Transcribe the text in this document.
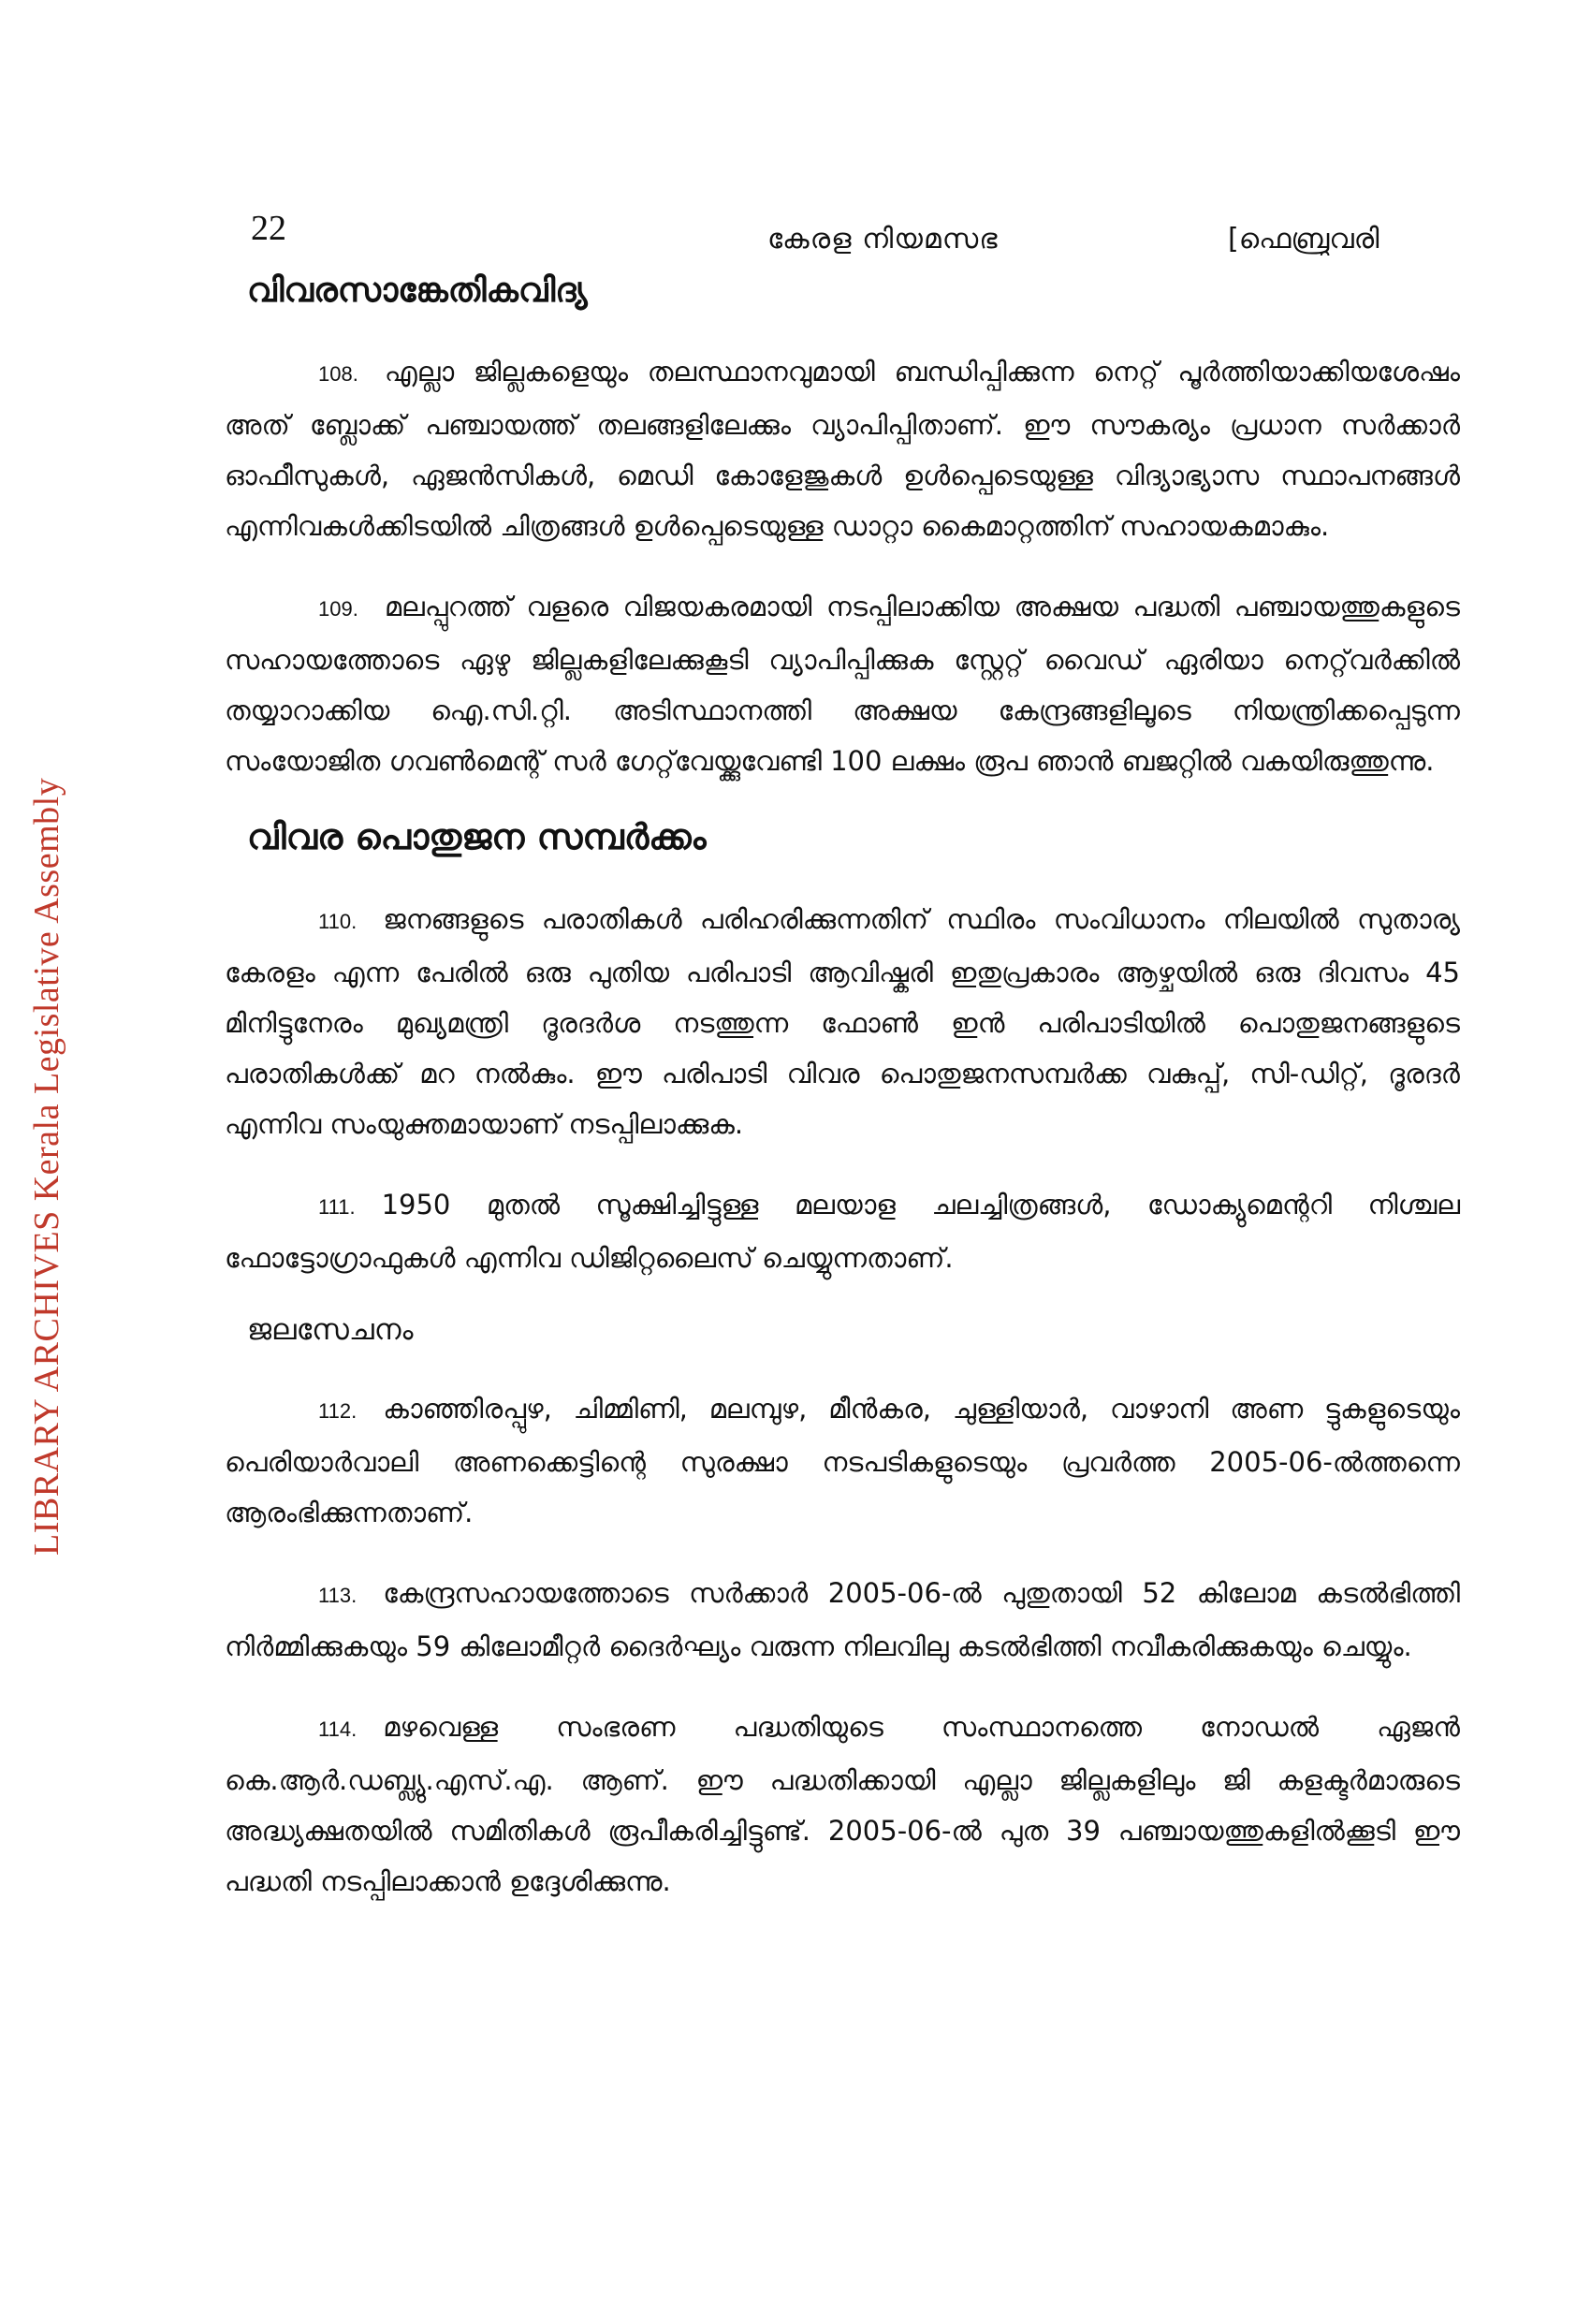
22	കേരള നിയമസഭ	[ഫെബ്രുവരി
LIBRARY ARCHIVES Kerala Legislative Assembly
വിവരസാങ്കേതികവിദ്യ

108. എല്ലാ ജില്ലകളെയും തലസ്ഥാനവുമായി ബന്ധിപ്പിക്കുന്ന നെറ്റ് പൂർത്തിയാക്കിയശേഷം അത് ബ്ലോക്ക് പഞ്ചായത്ത് തലങ്ങളിലേക്കും വ്യാപിപ്പിതാണ്. ഈ സൗകര്യം പ്രധാന സർക്കാർ ഓഫീസുകൾ, ഏജൻസികൾ, മെഡി കോളേജുകൾ ഉൾപ്പെടെയുള്ള വിദ്യാഭ്യാസ സ്ഥാപനങ്ങൾ എന്നിവകൾക്കിടയിൽ ചിത്രങ്ങൾ ഉൾപ്പെടെയുള്ള ഡാറ്റാ കൈമാറ്റത്തിന് സഹായകമാകും.

109. മലപ്പുറത്ത് വളരെ വിജയകരമായി നടപ്പിലാക്കിയ അക്ഷയ പദ്ധതി പഞ്ചായത്തുകളുടെ സഹായത്തോടെ ഏഴു ജില്ലകളിലേക്കുകൂടി വ്യാപിപ്പിക്കുക സ്റ്റേറ്റ് വൈഡ് ഏരിയാ നെറ്റ്‌വർക്കിൽ തയ്യാറാക്കിയ ഐ.സി.റ്റി. അടിസ്ഥാനത്തി അക്ഷയ കേന്ദ്രങ്ങളിലൂടെ നിയന്ത്രിക്കപ്പെടുന്ന സംയോജിത ഗവൺമെന്റ് സർ ഗേറ്റ്‌വേയ്ക്കുവേണ്ടി 100 ലക്ഷം രൂപ ഞാൻ ബജറ്റിൽ വകയിരുത്തുന്നു.

വിവര പൊതുജന സമ്പർക്കം

110. ജനങ്ങളുടെ പരാതികൾ പരിഹരിക്കുന്നതിന് സ്ഥിരം സംവിധാനം നിലയിൽ സുതാര്യ കേരളം എന്ന പേരിൽ ഒരു പുതിയ പരിപാടി ആവിഷ്കരി ഇതുപ്രകാരം ആഴ്ചയിൽ ഒരു ദിവസം 45 മിനിട്ടുനേരം മുഖ്യമന്ത്രി ദൂരദർശ നടത്തുന്ന ഫോൺ ഇൻ പരിപാടിയിൽ പൊതുജനങ്ങളുടെ പരാതികൾക്ക് മറ നൽകും. ഈ പരിപാടി വിവര പൊതുജനസമ്പർക്ക വകുപ്പ്, സി-ഡിറ്റ്, ദൂരദർ എന്നിവ സംയുക്തമായാണ് നടപ്പിലാക്കുക.

111. 1950 മുതൽ സൂക്ഷിച്ചിട്ടുള്ള മലയാള ചലച്ചിത്രങ്ങൾ, ഡോക്യുമെന്ററി നിശ്ചല ഫോട്ടോഗ്രാഫുകൾ എന്നിവ ഡിജിറ്റലൈസ് ചെയ്യുന്നതാണ്.

ജലസേചനം

112. കാഞ്ഞിരപ്പുഴ, ചിമ്മിണി, മലമ്പുഴ, മീൻകര, ചുള്ളിയാർ, വാഴാനി അണ ട്ടുകളുടെയും പെരിയാർവാലി അണക്കെട്ടിന്റെ സുരക്ഷാ നടപടികളുടെയും പ്രവർത്ത 2005-06-ൽത്തന്നെ ആരംഭിക്കുന്നതാണ്.

113. കേന്ദ്രസഹായത്തോടെ സർക്കാർ 2005-06-ൽ പുതുതായി 52 കിലോമ കടൽഭിത്തി നിർമ്മിക്കുകയും 59 കിലോമീറ്റർ ദൈർഘ്യം വരുന്ന നിലവിലു കടൽഭിത്തി നവീകരിക്കുകയും ചെയ്യും.

114. മഴവെള്ള സംഭരണ പദ്ധതിയുടെ സംസ്ഥാനത്തെ നോഡൽ ഏജൻ കെ.ആർ.ഡബ്ല്യു.എസ്.എ. ആണ്. ഈ പദ്ധതിക്കായി എല്ലാ ജില്ലകളിലും ജി കളക്ടർമാരുടെ അദ്ധ്യക്ഷതയിൽ സമിതികൾ രൂപീകരിച്ചിട്ടുണ്ട്. 2005-06-ൽ പുത 39 പഞ്ചായത്തുകളിൽക്കൂടി ഈ പദ്ധതി നടപ്പിലാക്കാൻ ഉദ്ദേശിക്കുന്നു.
